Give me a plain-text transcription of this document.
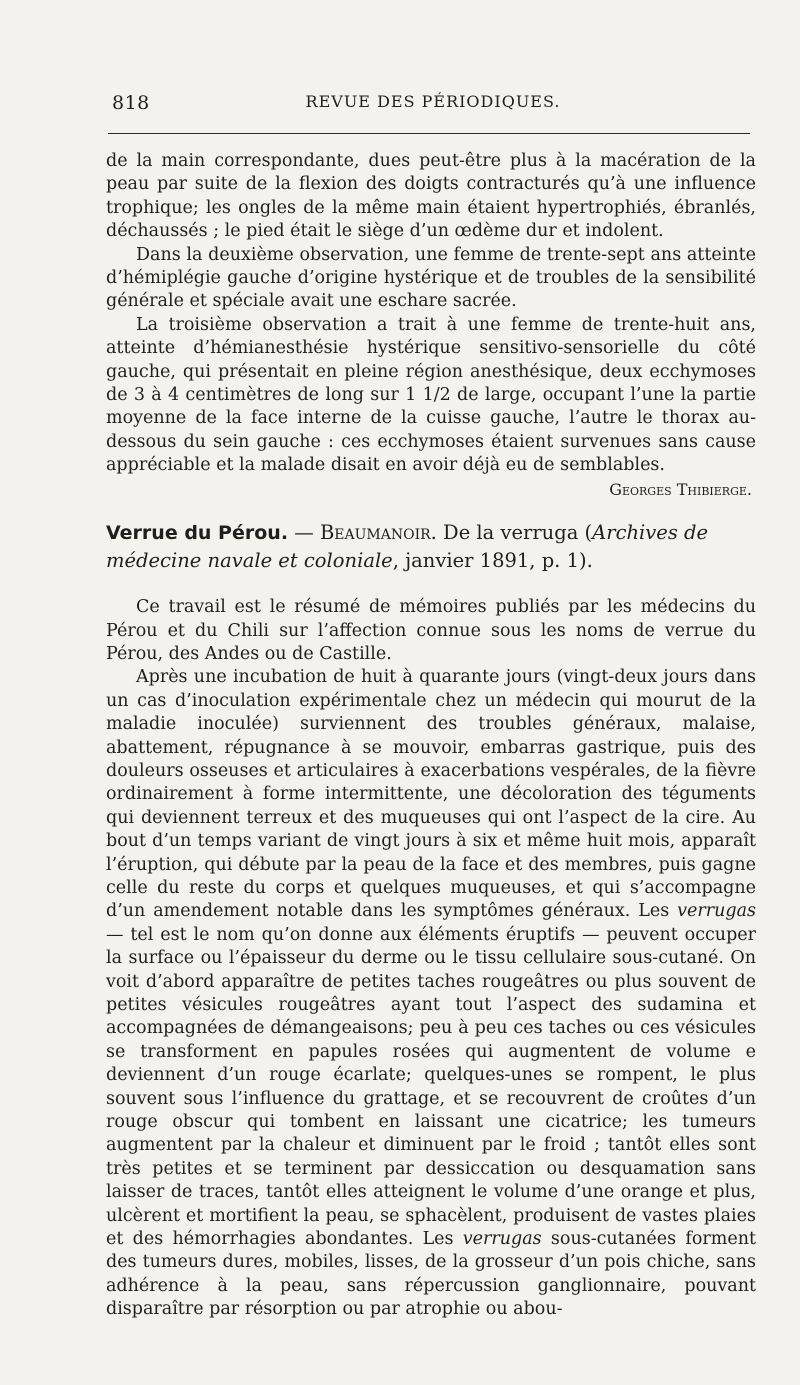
818	REVUE DES PÉRIODIQUES.

de la main correspondante, dues peut-être plus à la macération de la peau par suite de la flexion des doigts contracturés qu’à une influence trophique; les ongles de la même main étaient hypertrophiés, ébranlés, déchaussés ; le pied était le siège d’un œdème dur et indolent.

Dans la deuxième observation, une femme de trente-sept ans atteinte d’hémiplégie gauche d’origine hystérique et de troubles de la sensibilité générale et spéciale avait une eschare sacrée.

La troisième observation a trait à une femme de trente-huit ans, atteinte d’hémianesthésie hystérique sensitivo-sensorielle du côté gauche, qui présentait en pleine région anesthésique, deux ecchymoses de 3 à 4 centimètres de long sur 1 1/2 de large, occupant l’une la partie moyenne de la face interne de la cuisse gauche, l’autre le thorax au-dessous du sein gauche : ces ecchymoses étaient survenues sans cause appréciable et la malade disait en avoir déjà eu de semblables.

Georges Thibierge.
Verrue du Pérou. — Beaumanoir. De la verruga (Archives de médecine navale et coloniale, janvier 1891, p. 1).

Ce travail est le résumé de mémoires publiés par les médecins du Pérou et du Chili sur l’affection connue sous les noms de verrue du Pérou, des Andes ou de Castille.

Après une incubation de huit à quarante jours (vingt-deux jours dans un cas d’inoculation expérimentale chez un médecin qui mourut de la maladie inoculée) surviennent des troubles généraux, malaise, abattement, répugnance à se mouvoir, embarras gastrique, puis des douleurs osseuses et articulaires à exacerbations vespérales, de la fièvre ordinairement à forme intermittente, une décoloration des téguments qui deviennent terreux et des muqueuses qui ont l’aspect de la cire. Au bout d’un temps variant de vingt jours à six et même huit mois, apparaît l’éruption, qui débute par la peau de la face et des membres, puis gagne celle du reste du corps et quelques muqueuses, et qui s’accompagne d’un amendement notable dans les symptômes généraux. Les verrugas — tel est le nom qu’on donne aux éléments éruptifs — peuvent occuper la surface ou l’épaisseur du derme ou le tissu cellulaire sous-cutané. On voit d’abord apparaître de petites taches rougeâtres ou plus souvent de petites vésicules rougeâtres ayant tout l’aspect des sudamina et accompagnées de démangeaisons; peu à peu ces taches ou ces vésicules se transforment en papules rosées qui augmentent de volume e deviennent d’un rouge écarlate; quelques-unes se rompent, le plus souvent sous l’influence du grattage, et se recouvrent de croûtes d’un rouge obscur qui tombent en laissant une cicatrice; les tumeurs augmentent par la chaleur et diminuent par le froid ; tantôt elles sont très petites et se terminent par dessiccation ou desquamation sans laisser de traces, tantôt elles atteignent le volume d’une orange et plus, ulcèrent et mortifient la peau, se sphacèlent, produisent de vastes plaies et des hémorrhagies abondantes. Les verrugas sous-cutanées forment des tumeurs dures, mobiles, lisses, de la grosseur d’un pois chiche, sans adhérence à la peau, sans répercussion ganglionnaire, pouvant disparaître par résorption ou par atrophie ou abou-
